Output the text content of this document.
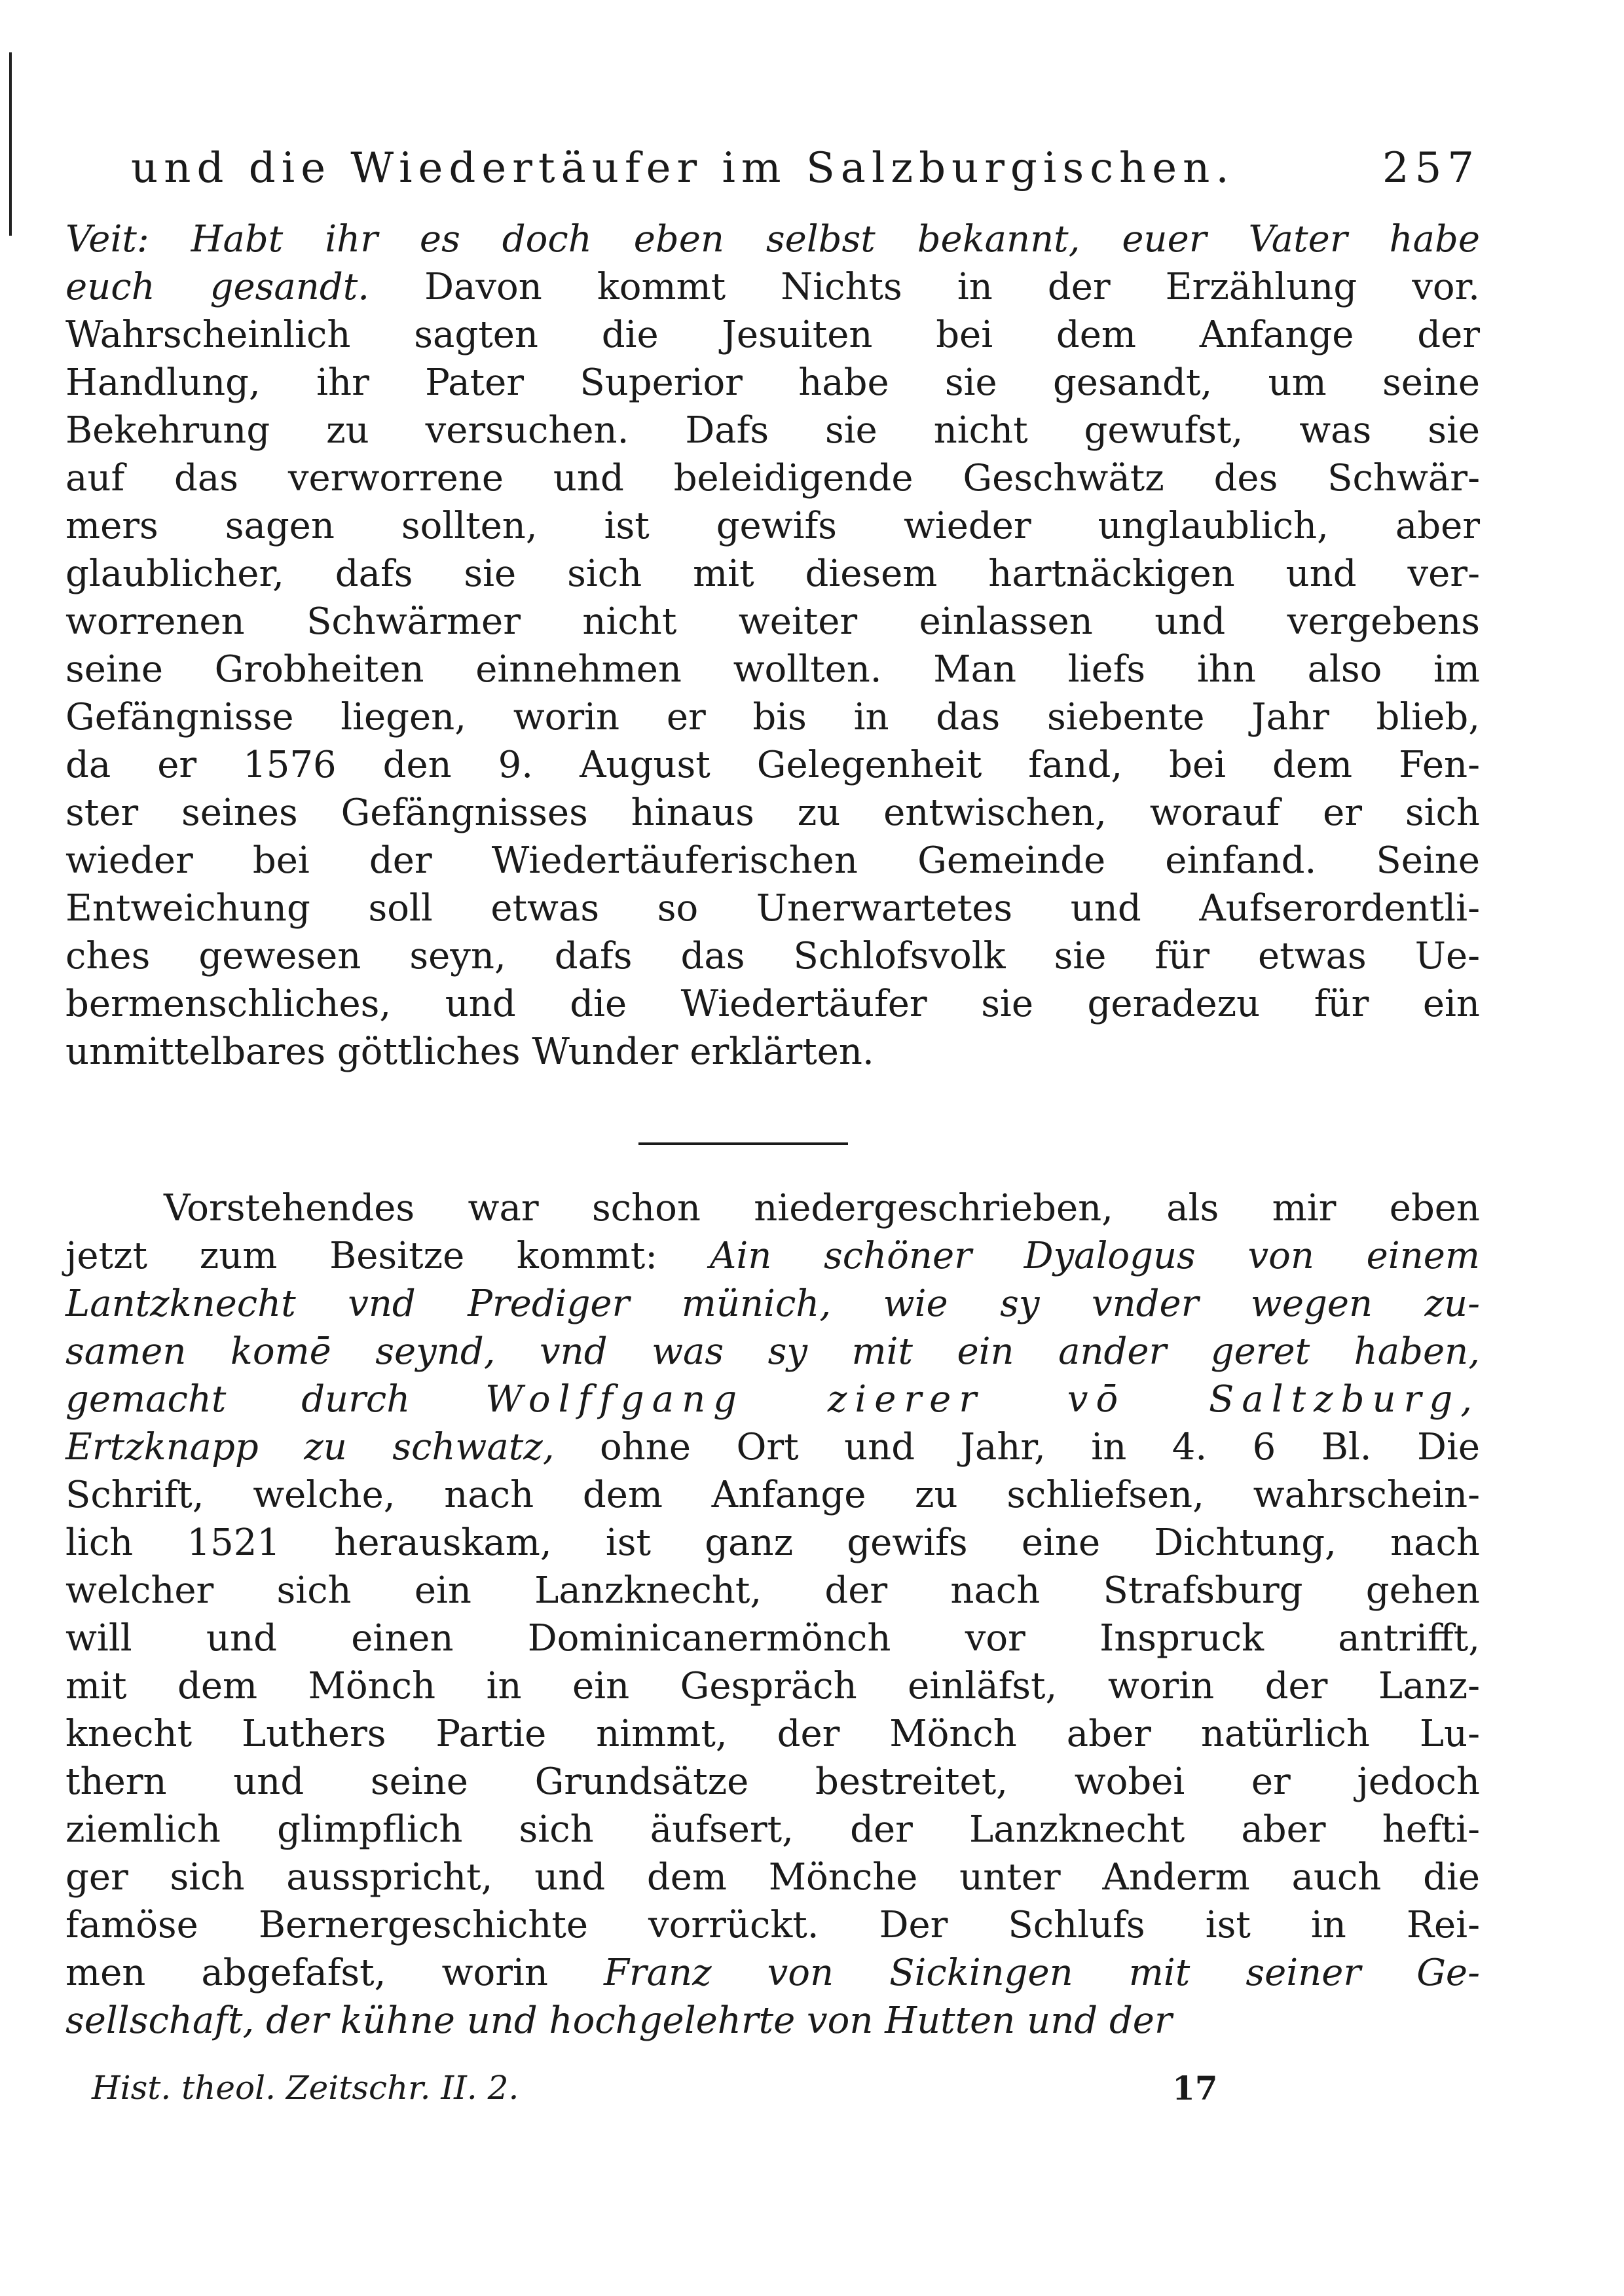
und die Wiedertäufer im Salzburgischen.	257
Veit: Habt ihr es doch eben selbst bekannt, euer Vater habe
euch gesandt. Davon kommt Nichts in der Erzählung vor.
Wahrscheinlich sagten die Jesuiten bei dem Anfange der
Handlung, ihr Pater Superior habe sie gesandt, um seine
Bekehrung zu versuchen. Dafs sie nicht gewufst, was sie
auf das verworrene und beleidigende Geschwätz des Schwär-
mers sagen sollten, ist gewifs wieder unglaublich, aber
glaublicher, dafs sie sich mit diesem hartnäckigen und ver-
worrenen Schwärmer nicht weiter einlassen und vergebens
seine Grobheiten einnehmen wollten. Man liefs ihn also im
Gefängnisse liegen, worin er bis in das siebente Jahr blieb,
da er 1576 den 9. August Gelegenheit fand, bei dem Fen-
ster seines Gefängnisses hinaus zu entwischen, worauf er sich
wieder bei der Wiedertäuferischen Gemeinde einfand. Seine
Entweichung soll etwas so Unerwartetes und Aufserordentli-
ches gewesen seyn, dafs das Schlofsvolk sie für etwas Ue-
bermenschliches, und die Wiedertäufer sie geradezu für ein
unmittelbares göttliches Wunder erklärten.
Vorstehendes war schon niedergeschrieben, als mir eben
jetzt zum Besitze kommt: Ain schöner Dyalogus von einem
Lantzknecht vnd Prediger münich, wie sy vnder wegen zu-
samen komē seynd, vnd was sy mit ein ander geret haben,
gemacht durch Wolffgang zierer vō Saltzburg,
Ertzknapp zu schwatz, ohne Ort und Jahr, in 4. 6 Bl. Die
Schrift, welche, nach dem Anfange zu schliefsen, wahrschein-
lich 1521 herauskam, ist ganz gewifs eine Dichtung, nach
welcher sich ein Lanzknecht, der nach Strafsburg gehen
will und einen Dominicanermönch vor Inspruck antrifft,
mit dem Mönch in ein Gespräch einläfst, worin der Lanz-
knecht Luthers Partie nimmt, der Mönch aber natürlich Lu-
thern und seine Grundsätze bestreitet, wobei er jedoch
ziemlich glimpflich sich äufsert, der Lanzknecht aber hefti-
ger sich ausspricht, und dem Mönche unter Anderm auch die
famöse Bernergeschichte vorrückt. Der Schlufs ist in Rei-
men abgefafst, worin Franz von Sickingen mit seiner Ge-
sellschaft, der kühne und hochgelehrte von Hutten und der
Hist. theol. Zeitschr. II. 2.	17
